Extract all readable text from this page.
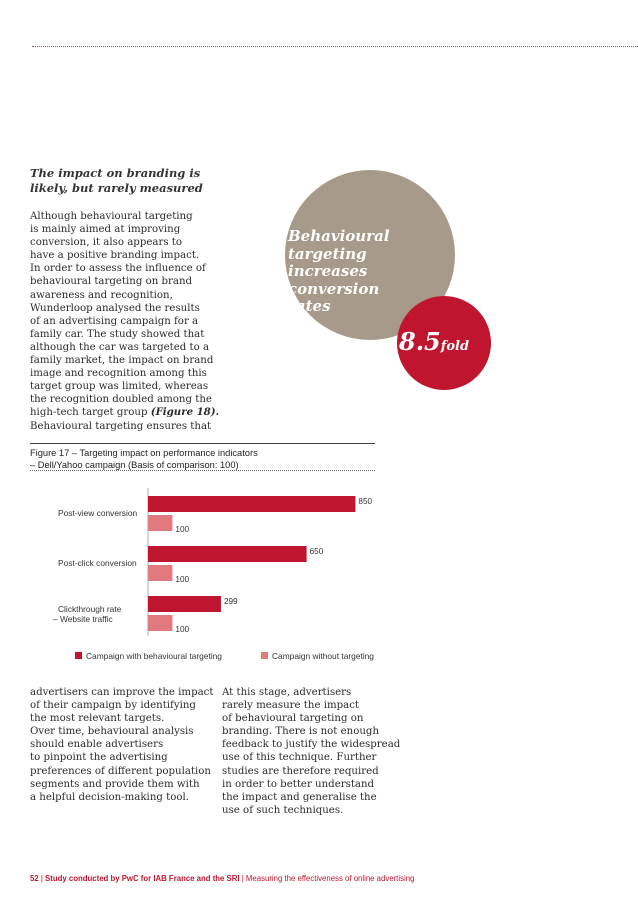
The impact on branding is
likely, but rarely measured
Although behavioural targeting
is mainly aimed at improving
conversion, it also appears to
have a positive branding impact.
In order to assess the influence of
behavioural targeting on brand
awareness and recognition,
Wunderloop analysed the results
of an advertising campaign for a
family car. The study showed that
although the car was targeted to a
family market, the impact on brand
image and recognition among this
target group was limited, whereas
the recognition doubled among the
high-tech target group (Figure 18).
Behavioural targeting ensures that
Behavioural
targeting
increases
conversion
rates
8.5fold
Figure 17 – Targeting impact on performance indicators
– Dell/Yahoo campaign (Basis of comparison: 100)
850
100
Post-view conversion
650
100
Post-click conversion
299
100
Clickthrough rate
– Website traffic
Campaign with behavioural targeting	Campaign without targeting
advertisers can improve the impact
of their campaign by identifying
the most relevant targets.
Over time, behavioural analysis
should enable advertisers
to pinpoint the advertising
preferences of different population
segments and provide them with
a helpful decision-making tool.
At this stage, advertisers
rarely measure the impact
of behavioural targeting on
branding. There is not enough
feedback to justify the widespread
use of this technique. Further
studies are therefore required
in order to better understand
the impact and generalise the
use of such techniques.
52 | Study conducted by PwC for IAB France and the SRI | Measuring the effectiveness of online advertising
